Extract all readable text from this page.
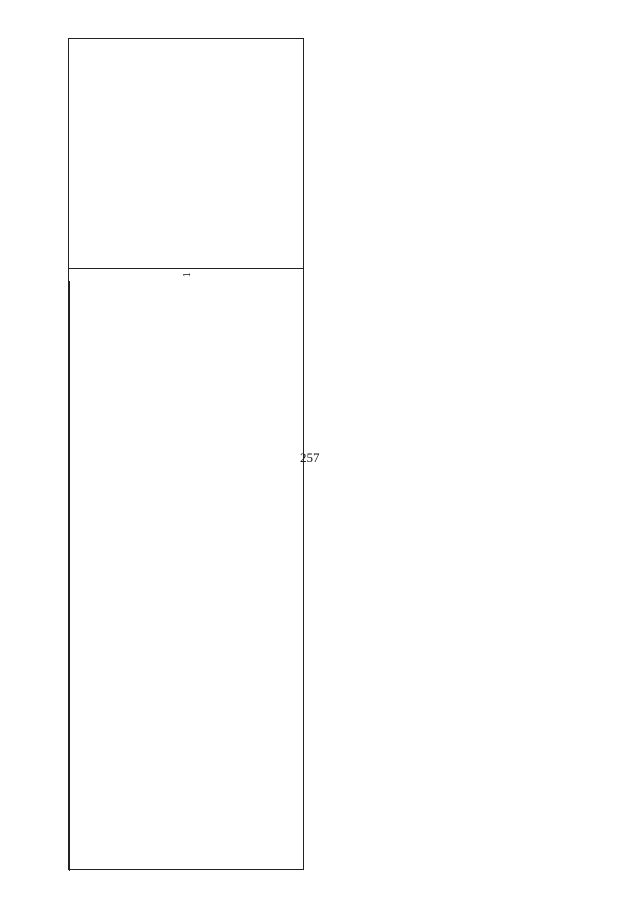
257
1
